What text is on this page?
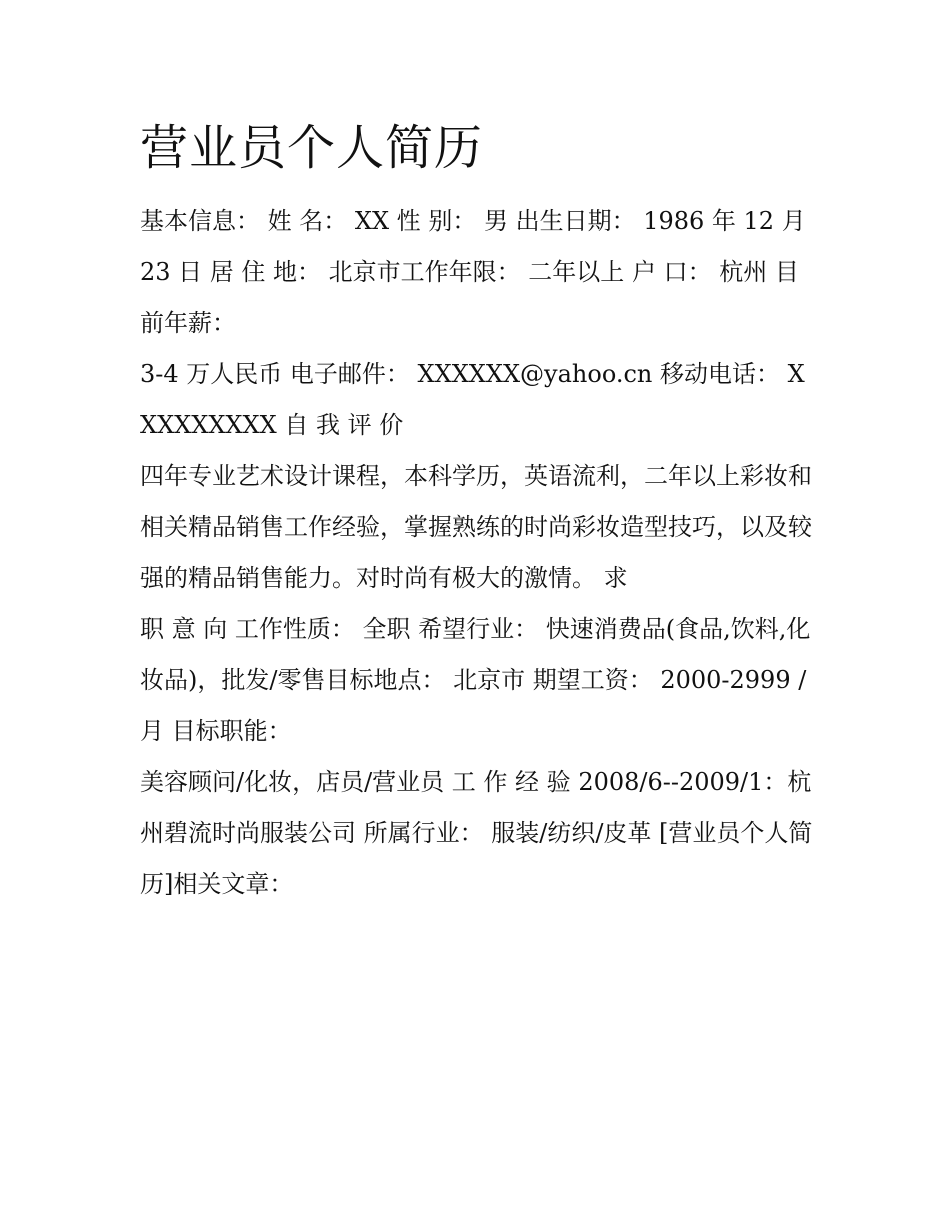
营业员个人简历

基本信息： 姓 名： XX 性 别： 男 出生日期： 1986 年 12 月 23 日 居 住 地： 北京市工作年限： 二年以上 户 口： 杭州 目前年薪：

3-4 万人民币 电子邮件： XXXXXX@yahoo.cn 移动电话： XXXXXXXXX 自 我 评 价

四年专业艺术设计课程，本科学历，英语流利，二年以上彩妆和相关精品销售工作经验，掌握熟练的时尚彩妆造型技巧，以及较强的精品销售能力。对时尚有极大的激情。 求

职 意 向 工作性质： 全职 希望行业： 快速消费品(食品,饮料,化妆品)，批发/零售目标地点： 北京市 期望工资： 2000-2999 /月 目标职能：

美容顾问/化妆，店员/营业员 工 作 经 验 2008/6--2009/1：杭州碧流时尚服装公司 所属行业： 服装/纺织/皮革 [营业员个人简历]相关文章：
